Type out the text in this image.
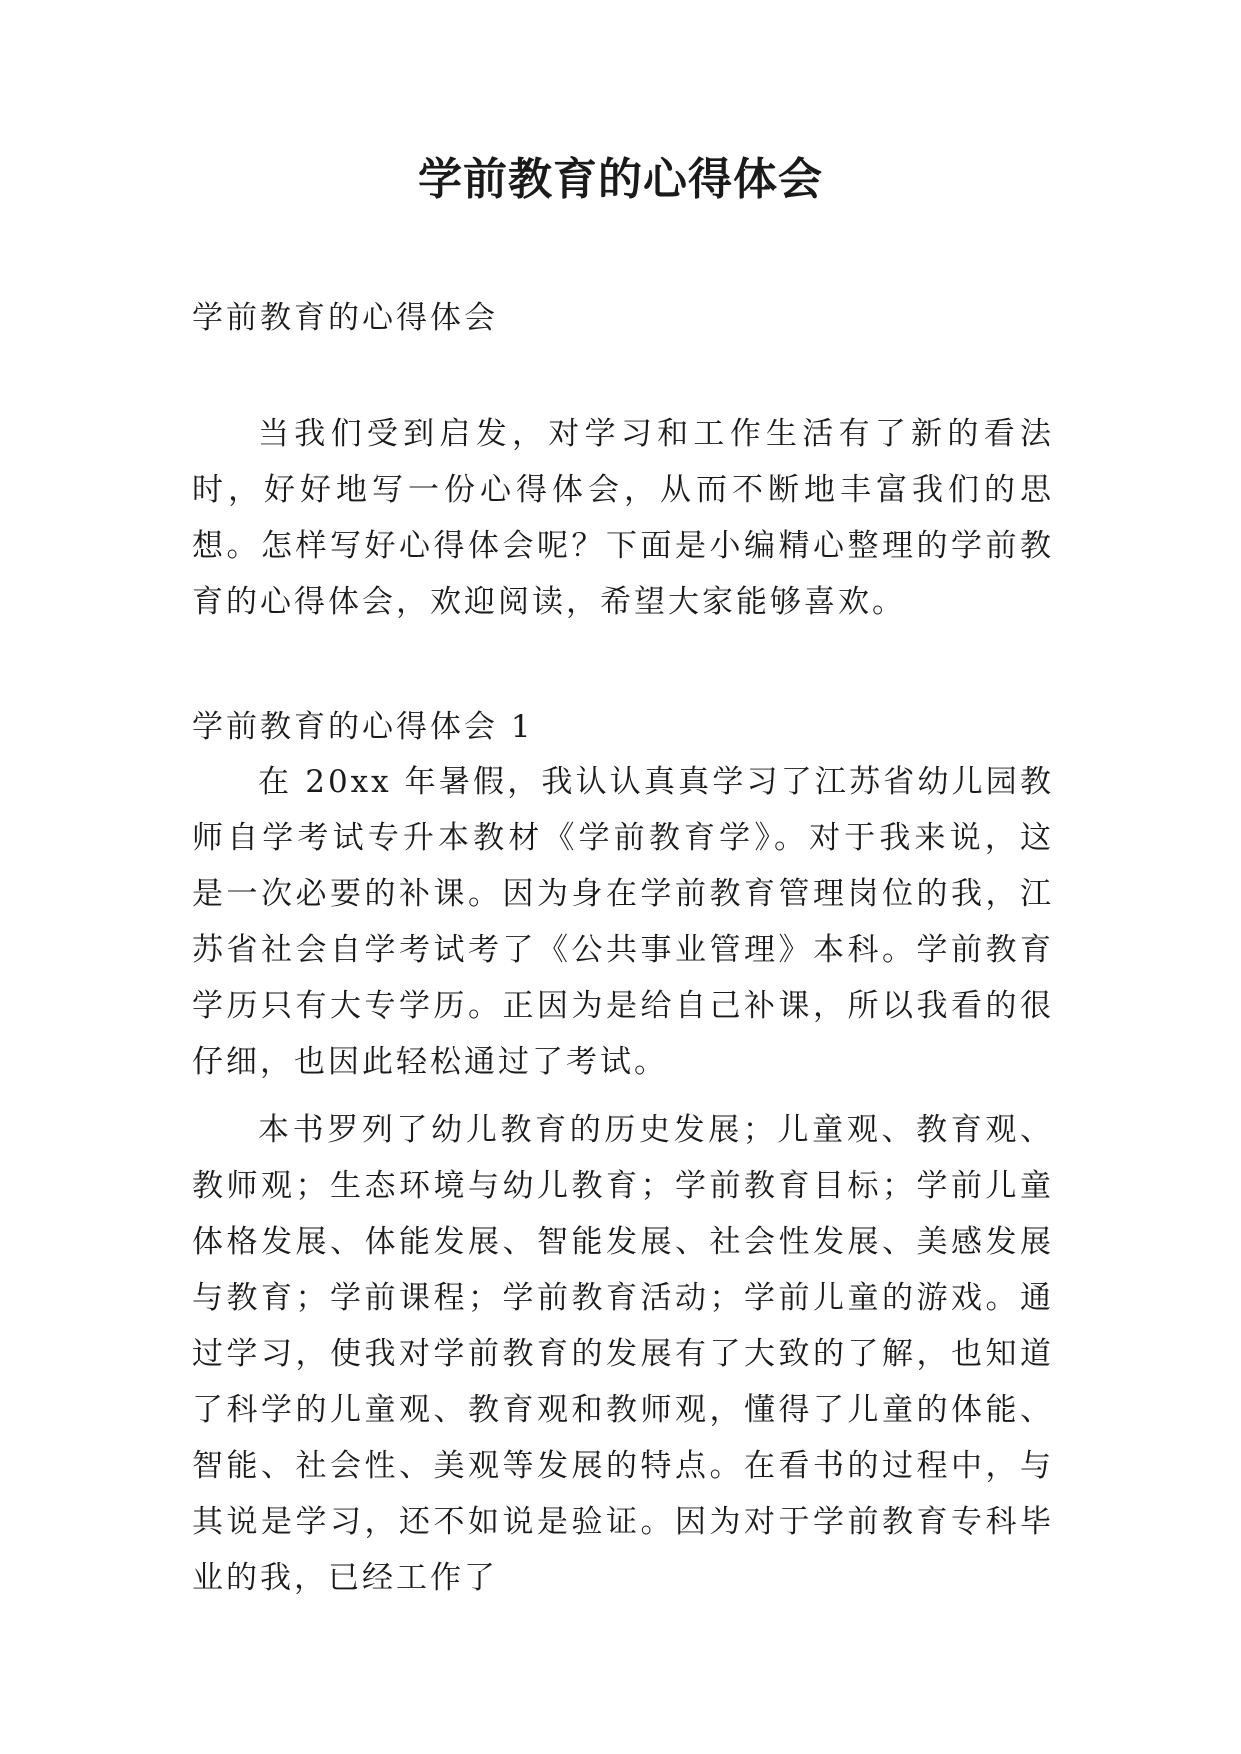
学前教育的心得体会

学前教育的心得体会

当我们受到启发，对学习和工作生活有了新的看法时，好好地写一份心得体会，从而不断地丰富我们的思想。怎样写好心得体会呢？下面是小编精心整理的学前教育的心得体会，欢迎阅读，希望大家能够喜欢。

学前教育的心得体会 1

在 20xx 年暑假，我认认真真学习了江苏省幼儿园教师自学考试专升本教材《学前教育学》。对于我来说，这是一次必要的补课。因为身在学前教育管理岗位的我，江苏省社会自学考试考了《公共事业管理》本科。学前教育学历只有大专学历。正因为是给自己补课，所以我看的很仔细，也因此轻松通过了考试。

本书罗列了幼儿教育的历史发展；儿童观、教育观、教师观；生态环境与幼儿教育；学前教育目标；学前儿童体格发展、体能发展、智能发展、社会性发展、美感发展与教育；学前课程；学前教育活动；学前儿童的游戏。通过学习，使我对学前教育的发展有了大致的了解，也知道了科学的儿童观、教育观和教师观，懂得了儿童的体能、智能、社会性、美观等发展的特点。在看书的过程中，与其说是学习，还不如说是验证。因为对于学前教育专科毕业的我，已经工作了
